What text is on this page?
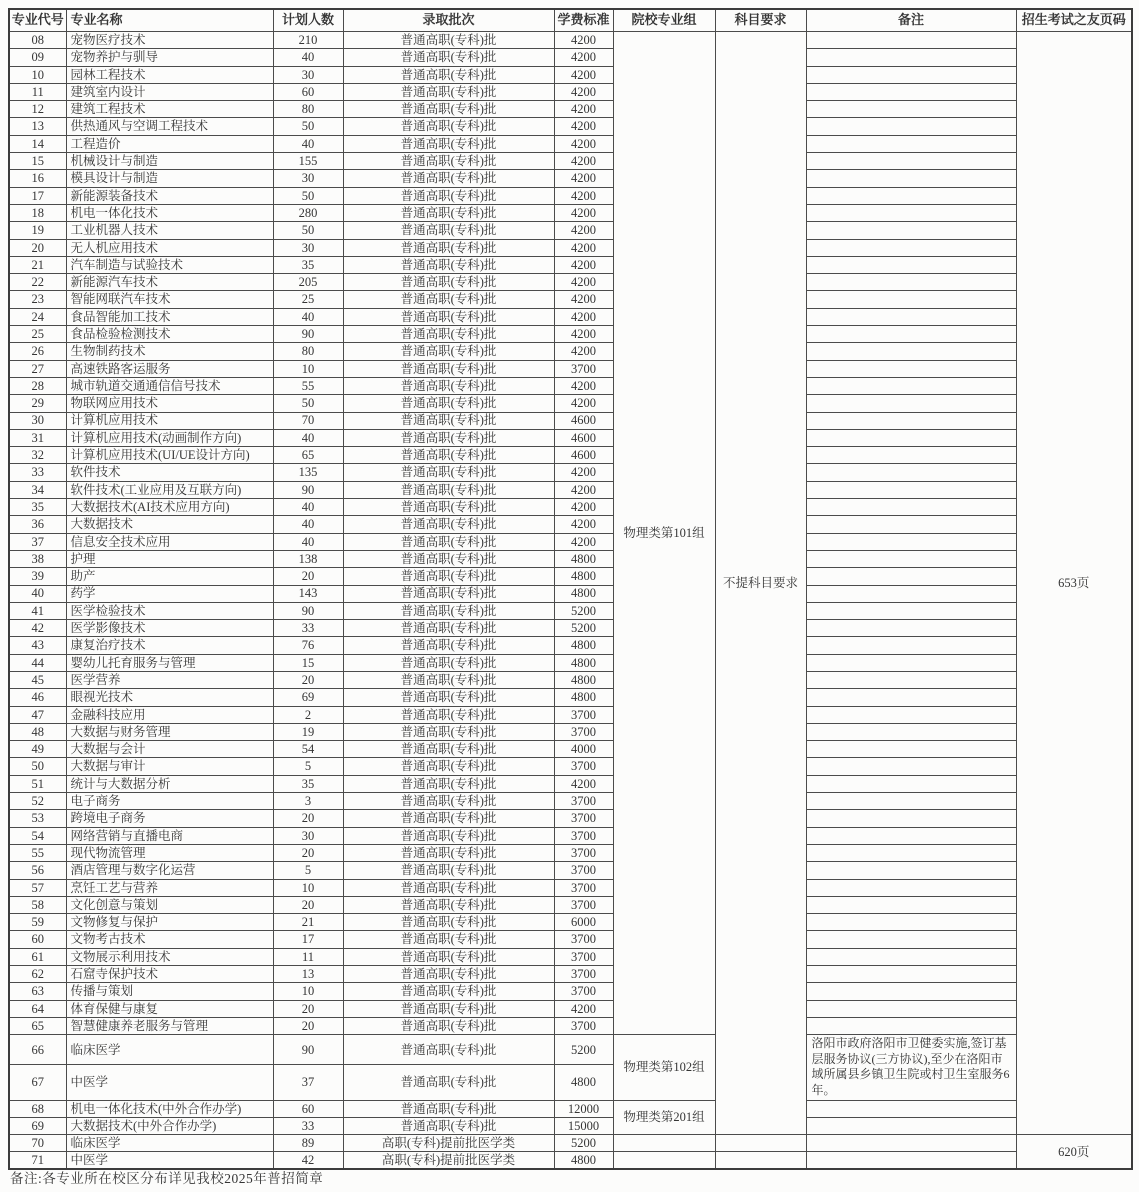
专业代号	专业名称	计划人数	录取批次	学费标准	院校专业组	科目要求	备注	招生考试之友页码
08	宠物医疗技术	210	普通高职(专科)批	4200	物理类第101组	不提科目要求		653页
09	宠物养护与驯导	40	普通高职(专科)批	4200				
10	园林工程技术	30	普通高职(专科)批	4200				
11	建筑室内设计	60	普通高职(专科)批	4200				
12	建筑工程技术	80	普通高职(专科)批	4200				
13	供热通风与空调工程技术	50	普通高职(专科)批	4200				
14	工程造价	40	普通高职(专科)批	4200				
15	机械设计与制造	155	普通高职(专科)批	4200				
16	模具设计与制造	30	普通高职(专科)批	4200				
17	新能源装备技术	50	普通高职(专科)批	4200				
18	机电一体化技术	280	普通高职(专科)批	4200				
19	工业机器人技术	50	普通高职(专科)批	4200				
20	无人机应用技术	30	普通高职(专科)批	4200				
21	汽车制造与试验技术	35	普通高职(专科)批	4200				
22	新能源汽车技术	205	普通高职(专科)批	4200				
23	智能网联汽车技术	25	普通高职(专科)批	4200				
24	食品智能加工技术	40	普通高职(专科)批	4200				
25	食品检验检测技术	90	普通高职(专科)批	4200				
26	生物制药技术	80	普通高职(专科)批	4200				
27	高速铁路客运服务	10	普通高职(专科)批	3700				
28	城市轨道交通通信信号技术	55	普通高职(专科)批	4200				
29	物联网应用技术	50	普通高职(专科)批	4200				
30	计算机应用技术	70	普通高职(专科)批	4600				
31	计算机应用技术(动画制作方向)	40	普通高职(专科)批	4600				
32	计算机应用技术(UI/UE设计方向)	65	普通高职(专科)批	4600				
33	软件技术	135	普通高职(专科)批	4200				
34	软件技术(工业应用及互联方向)	90	普通高职(专科)批	4200				
35	大数据技术(AI技术应用方向)	40	普通高职(专科)批	4200				
36	大数据技术	40	普通高职(专科)批	4200				
37	信息安全技术应用	40	普通高职(专科)批	4200				
38	护理	138	普通高职(专科)批	4800				
39	助产	20	普通高职(专科)批	4800				
40	药学	143	普通高职(专科)批	4800				
41	医学检验技术	90	普通高职(专科)批	5200				
42	医学影像技术	33	普通高职(专科)批	5200				
43	康复治疗技术	76	普通高职(专科)批	4800				
44	婴幼儿托育服务与管理	15	普通高职(专科)批	4800				
45	医学营养	20	普通高职(专科)批	4800				
46	眼视光技术	69	普通高职(专科)批	4800				
47	金融科技应用	2	普通高职(专科)批	3700				
48	大数据与财务管理	19	普通高职(专科)批	3700				
49	大数据与会计	54	普通高职(专科)批	4000				
50	大数据与审计	5	普通高职(专科)批	3700				
51	统计与大数据分析	35	普通高职(专科)批	4200				
52	电子商务	3	普通高职(专科)批	3700				
53	跨境电子商务	20	普通高职(专科)批	3700				
54	网络营销与直播电商	30	普通高职(专科)批	3700				
55	现代物流管理	20	普通高职(专科)批	3700				
56	酒店管理与数字化运营	5	普通高职(专科)批	3700				
57	烹饪工艺与营养	10	普通高职(专科)批	3700				
58	文化创意与策划	20	普通高职(专科)批	3700				
59	文物修复与保护	21	普通高职(专科)批	6000				
60	文物考古技术	17	普通高职(专科)批	3700				
61	文物展示利用技术	11	普通高职(专科)批	3700				
62	石窟寺保护技术	13	普通高职(专科)批	3700				
63	传播与策划	10	普通高职(专科)批	3700				
64	体育保健与康复	20	普通高职(专科)批	4200				
65	智慧健康养老服务与管理	20	普通高职(专科)批	3700				
66	临床医学	90	普通高职(专科)批	5200	物理类第102组		洛阳市政府洛阳市卫健委实施,签订基层服务协议(三方协议),至少在洛阳市域所属县乡镇卫生院或村卫生室服务6年。	
67	中医学	37	普通高职(专科)批	4800				
68	机电一体化技术(中外合作办学)	60	普通高职(专科)批	12000	物理类第201组			
69	大数据技术(中外合作办学)	33	普通高职(专科)批	15000				
70	临床医学	89	高职(专科)提前批医学类	5200				620页
71	中医学	42	高职(专科)提前批医学类	4800				
备注:各专业所在校区分布详见我校2025年普招简章
